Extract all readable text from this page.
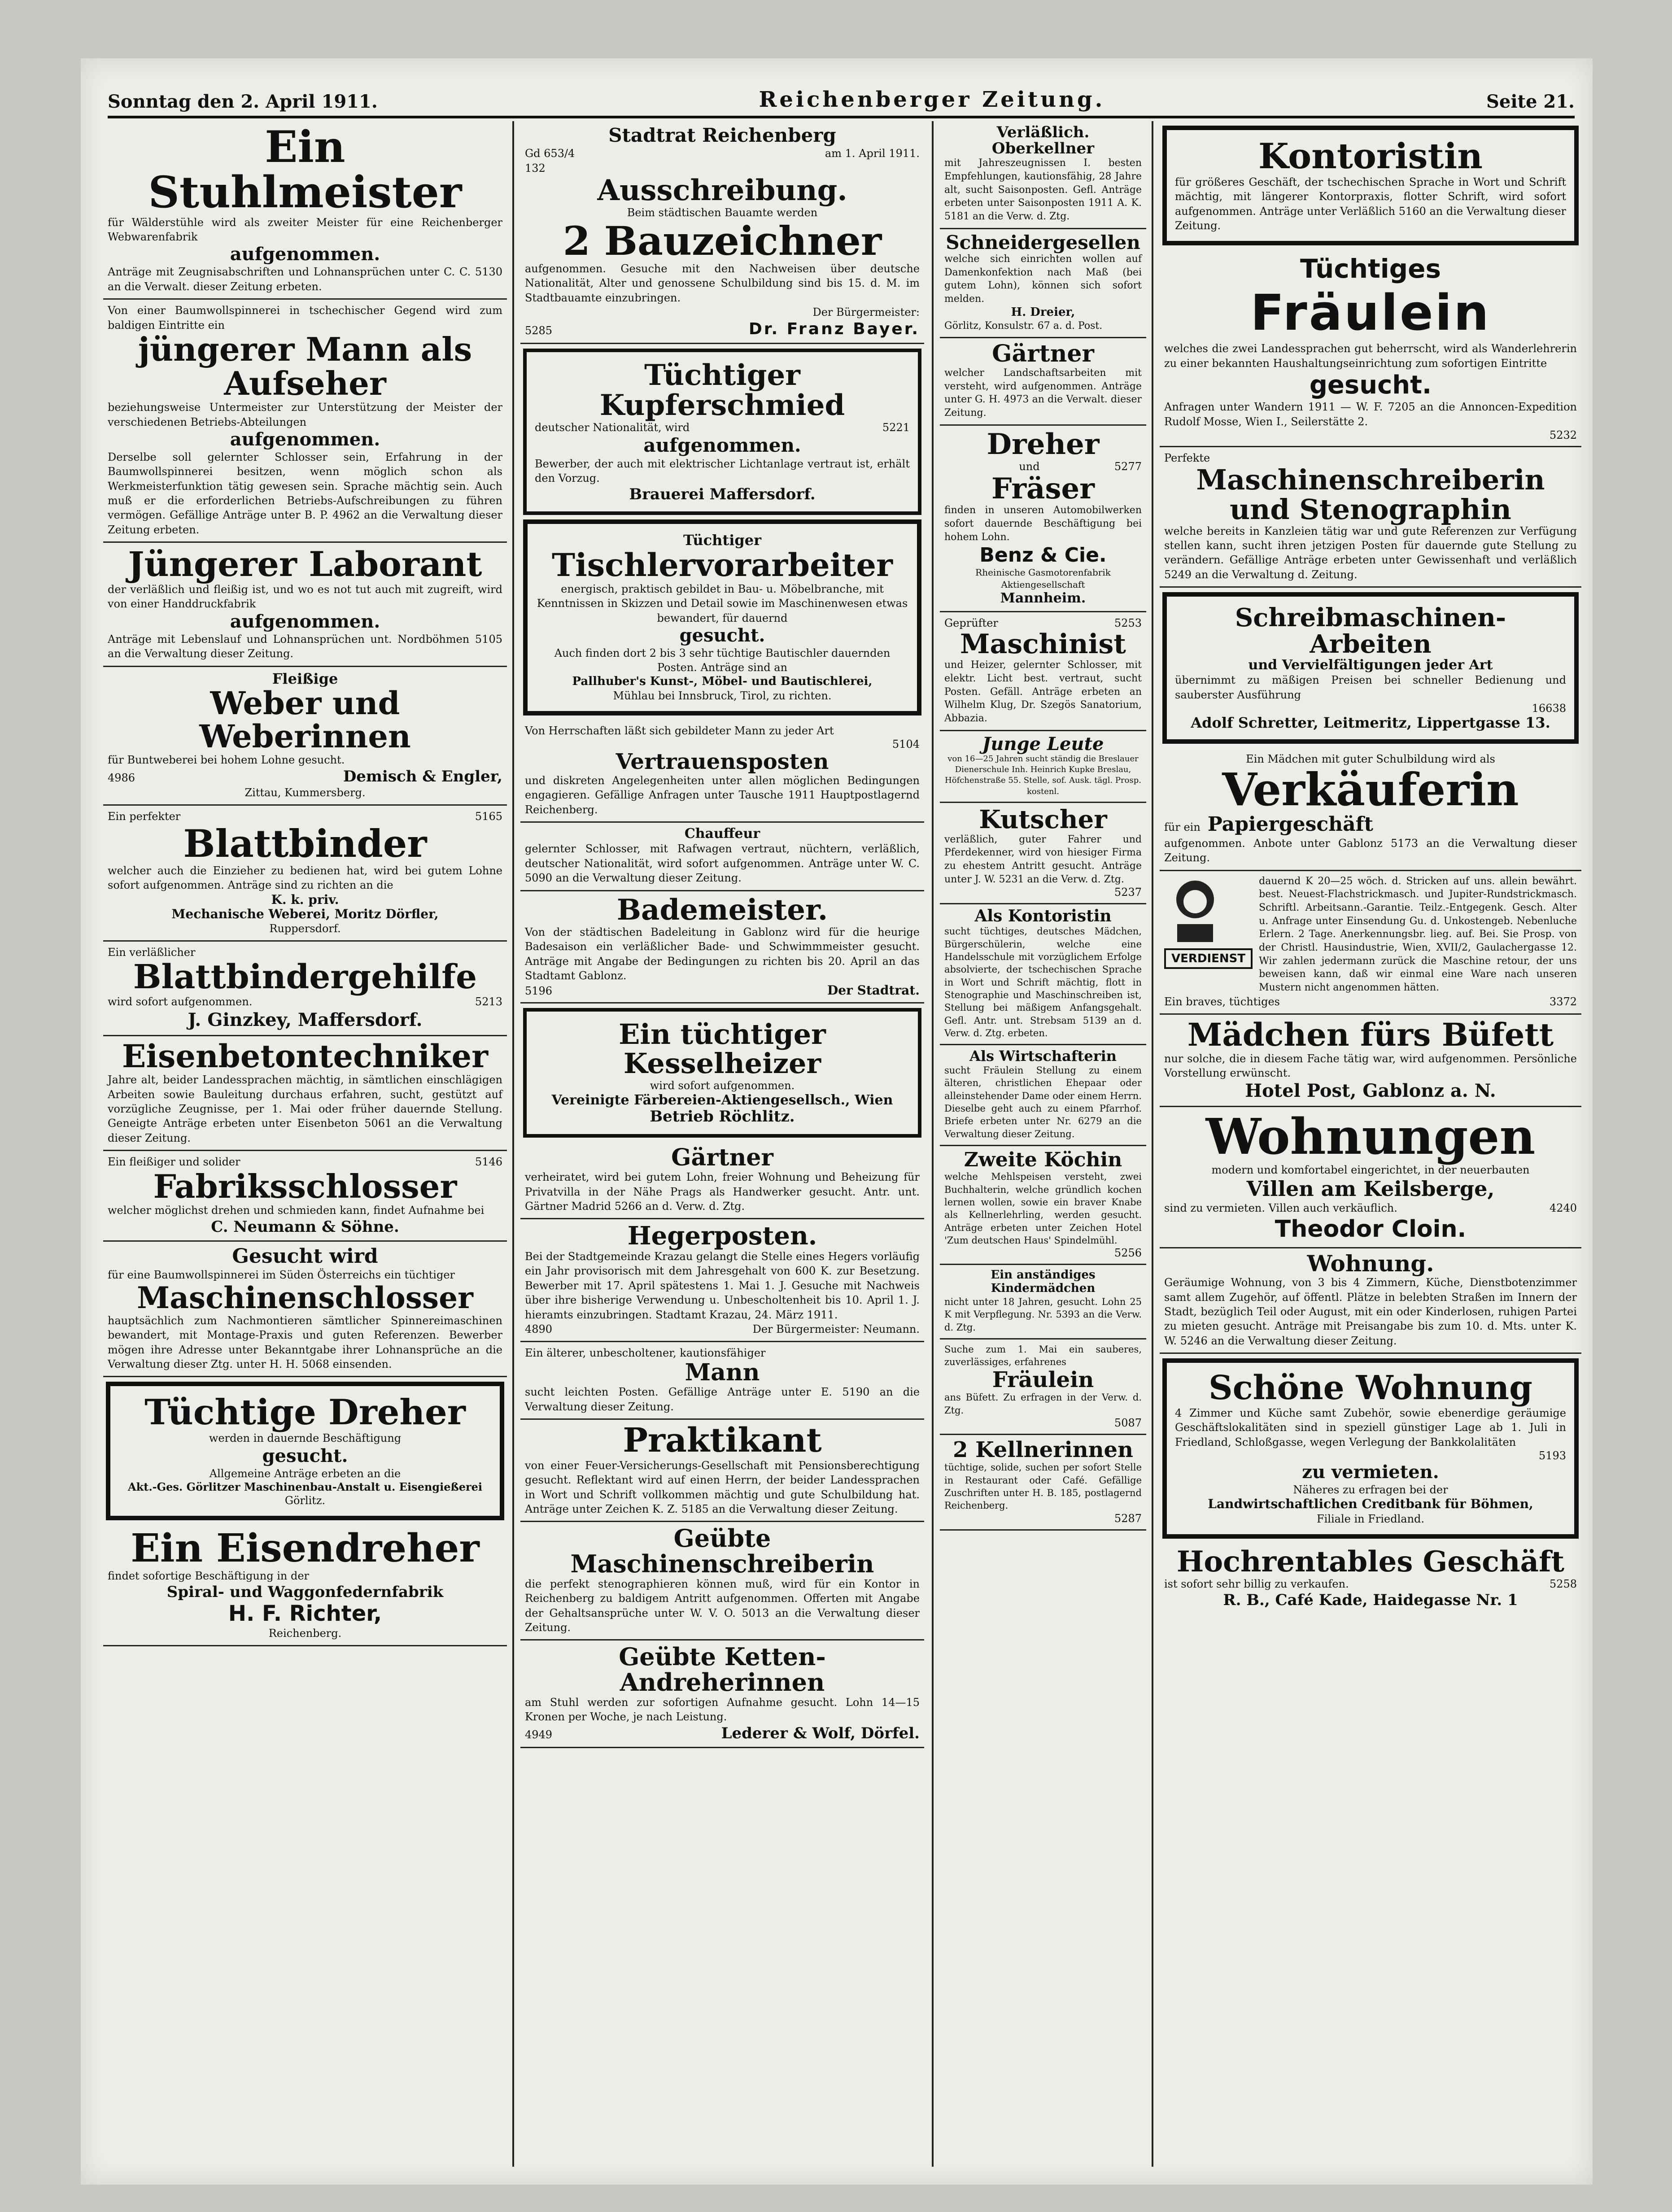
Sonntag den 2. April 1911.	Reichenberger Zeitung.	Seite 21.
Ein Stuhlmeister
für Wälderstühle wird als zweiter Meister für eine Reichenberger Webwarenfabrik
aufgenommen.
Anträge mit Zeugnisabschriften und Lohnansprüchen unter C. C. 5130 an die Verwalt. dieser Zeitung erbeten.
Von einer Baumwollspinnerei in tschechischer Gegend wird zum baldigen Eintritte ein
jüngerer Mann als Aufseher
beziehungsweise Untermeister zur Unterstützung der Meister der verschiedenen Betriebs-Abteilungen
aufgenommen.
Derselbe soll gelernter Schlosser sein, Erfahrung in der Baumwollspinnerei besitzen, wenn möglich schon als Werkmeisterfunktion tätig gewesen sein. Sprache mächtig sein. Auch muß er die erforderlichen Betriebs-Aufschreibungen zu führen vermögen. Gefällige Anträge unter B. P. 4962 an die Verwaltung dieser Zeitung erbeten.
Jüngerer Laborant
der verläßlich und fleißig ist, und wo es not tut auch mit zugreift, wird von einer Handdruckfabrik
aufgenommen.
Anträge mit Lebenslauf und Lohnansprüchen unt. Nordböhmen 5105 an die Verwaltung dieser Zeitung.
Fleißige
Weber und Weberinnen
für Buntweberei bei hohem Lohne gesucht.
4986	Demisch & Engler,
Zittau, Kummersberg.
Ein perfekter	5165
Blattbinder
welcher auch die Einzieher zu bedienen hat, wird bei gutem Lohne sofort aufgenommen. Anträge sind zu richten an die
K. k. priv.
Mechanische Weberei, Moritz Dörfler,
Ruppersdorf.
Ein verläßlicher
Blattbindergehilfe
wird sofort aufgenommen.	5213
J. Ginzkey, Maffersdorf.
Eisenbetontechniker
Jahre alt, beider Landessprachen mächtig, in sämtlichen einschlägigen Arbeiten sowie Bauleitung durchaus erfahren, sucht, gestützt auf vorzügliche Zeugnisse, per 1. Mai oder früher dauernde Stellung. Geneigte Anträge erbeten unter Eisenbeton 5061 an die Verwaltung dieser Zeitung.
Ein fleißiger und solider	5146
Fabriksschlosser
welcher möglichst drehen und schmieden kann, findet Aufnahme bei
C. Neumann & Söhne.
Gesucht wird
für eine Baumwollspinnerei im Süden Österreichs ein tüchtiger
Maschinenschlosser
hauptsächlich zum Nachmontieren sämtlicher Spinnereimaschinen bewandert, mit Montage-Praxis und guten Referenzen. Bewerber mögen ihre Adresse unter Bekanntgabe ihrer Lohnansprüche an die Verwaltung dieser Ztg. unter H. H. 5068 einsenden.
Tüchtige Dreher
werden in dauernde Beschäftigung
gesucht.
Allgemeine Anträge erbeten an die
Akt.-Ges. Görlitzer Maschinenbau-Anstalt u. Eisengießerei
Görlitz.
Ein Eisendreher
findet sofortige Beschäftigung in der
Spiral- und Waggonfedernfabrik
H. F. Richter,
Reichenberg.
Stadtrat Reichenberg
Gd 653/4	am 1. April 1911.
132
Ausschreibung.
Beim städtischen Bauamte werden
2 Bauzeichner
aufgenommen. Gesuche mit den Nachweisen über deutsche Nationalität, Alter und genossene Schulbildung sind bis 15. d. M. im Stadtbauamte einzubringen.
Der Bürgermeister:
5285	Dr. Franz Bayer.
Tüchtiger Kupferschmied
deutscher Nationalität, wird	5221
aufgenommen.
Bewerber, der auch mit elektrischer Lichtanlage vertraut ist, erhält den Vorzug.
Brauerei Maffersdorf.
Tüchtiger
Tischlervorarbeiter
energisch, praktisch gebildet in Bau- u. Möbelbranche, mit Kenntnissen in Skizzen und Detail sowie im Maschinenwesen etwas bewandert, für dauernd
gesucht.
Auch finden dort 2 bis 3 sehr tüchtige Bautischler dauernden Posten. Anträge sind an
Pallhuber's Kunst-, Möbel- und Bautischlerei,
Mühlau bei Innsbruck, Tirol, zu richten.
Von Herrschaften läßt sich gebildeter Mann zu jeder Art
5104
Vertrauensposten
und diskreten Angelegenheiten unter allen möglichen Bedingungen engagieren. Gefällige Anfragen unter Tausche 1911 Hauptpostlagernd Reichenberg.
Chauffeur
gelernter Schlosser, mit Rafwagen vertraut, nüchtern, verläßlich, deutscher Nationalität, wird sofort aufgenommen. Anträge unter W. C. 5090 an die Verwaltung dieser Zeitung.
Bademeister.
Von der städtischen Badeleitung in Gablonz wird für die heurige Badesaison ein verläßlicher Bade- und Schwimmmeister gesucht. Anträge mit Angabe der Bedingungen zu richten bis 20. April an das Stadtamt Gablonz.
5196	Der Stadtrat.
Ein tüchtiger Kesselheizer
wird sofort aufgenommen.
Vereinigte Färbereien-Aktiengesellsch., Wien
Betrieb Röchlitz.
Gärtner
verheiratet, wird bei gutem Lohn, freier Wohnung und Beheizung für Privatvilla in der Nähe Prags als Handwerker gesucht. Antr. unt. Gärtner Madrid 5266 an d. Verw. d. Ztg.
Hegerposten.
Bei der Stadtgemeinde Krazau gelangt die Stelle eines Hegers vorläufig ein Jahr provisorisch mit dem Jahresgehalt von 600 K. zur Besetzung. Bewerber mit 17. April spätestens 1. Mai 1. J. Gesuche mit Nachweis über ihre bisherige Verwendung u. Unbescholtenheit bis 10. April 1. J. hieramts einzubringen. Stadtamt Krazau, 24. März 1911.
4890	Der Bürgermeister: Neumann.
Ein älterer, unbescholtener, kautionsfähiger
Mann
sucht leichten Posten. Gefällige Anträge unter E. 5190 an die Verwaltung dieser Zeitung.
Praktikant
von einer Feuer-Versicherungs-Gesellschaft mit Pensionsberechtigung gesucht. Reflektant wird auf einen Herrn, der beider Landessprachen in Wort und Schrift vollkommen mächtig und gute Schulbildung hat. Anträge unter Zeichen K. Z. 5185 an die Verwaltung dieser Zeitung.
Geübte Maschinenschreiberin
die perfekt stenographieren können muß, wird für ein Kontor in Reichenberg zu baldigem Antritt aufgenommen. Offerten mit Angabe der Gehaltsansprüche unter W. V. O. 5013 an die Verwaltung dieser Zeitung.
Geübte Ketten-Andreherinnen
am Stuhl werden zur sofortigen Aufnahme gesucht. Lohn 14—15 Kronen per Woche, je nach Leistung.
4949	Lederer & Wolf, Dörfel.
Verläßlich. Oberkellner
mit Jahreszeugnissen I. besten Empfehlungen, kautionsfähig, 28 Jahre alt, sucht Saisonposten. Gefl. Anträge erbeten unter Saisonposten 1911 A. K. 5181 an die Verw. d. Ztg.
Schneidergesellen
welche sich einrichten wollen auf Damenkonfektion nach Maß (bei gutem Lohn), können sich sofort melden.
H. Dreier,
Görlitz, Konsulstr. 67 a. d. Post.
Gärtner
welcher Landschaftsarbeiten mit versteht, wird aufgenommen. Anträge unter G. H. 4973 an die Verwalt. dieser Zeitung.
Dreher
und	5277
Fräser
finden in unseren Automobilwerken sofort dauernde Beschäftigung bei hohem Lohn.
Benz & Cie.
Rheinische Gasmotorenfabrik Aktiengesellschaft
Mannheim.
Geprüfter	5253
Maschinist
und Heizer, gelernter Schlosser, mit elektr. Licht best. vertraut, sucht Posten. Gefäll. Anträge erbeten an Wilhelm Klug, Dr. Szegös Sanatorium, Abbazia.
Junge Leute
von 16—25 Jahren sucht ständig die Breslauer Dienerschule Inh. Heinrich Kupke Breslau, Höfchenstraße 55. Stelle, sof. Ausk. tägl. Prosp. kostenl.
Kutscher
verläßlich, guter Fahrer und Pferdekenner, wird von hiesiger Firma zu ehestem Antritt gesucht. Anträge unter J. W. 5231 an die Verw. d. Ztg.
5237
Als Kontoristin
sucht tüchtiges, deutsches Mädchen, Bürgerschülerin, welche eine Handelsschule mit vorzüglichem Erfolge absolvierte, der tschechischen Sprache in Wort und Schrift mächtig, flott in Stenographie und Maschinschreiben ist, Stellung bei mäßigem Anfangsgehalt. Gefl. Antr. unt. Strebsam 5139 an d. Verw. d. Ztg. erbeten.
Als Wirtschafterin
sucht Fräulein Stellung zu einem älteren, christlichen Ehepaar oder alleinstehender Dame oder einem Herrn. Dieselbe geht auch zu einem Pfarrhof. Briefe erbeten unter Nr. 6279 an die Verwaltung dieser Zeitung.
Zweite Köchin
welche Mehlspeisen versteht, zwei Buchhalterin, welche gründlich kochen lernen wollen, sowie ein braver Knabe als Kellnerlehrling, werden gesucht. Anträge erbeten unter Zeichen Hotel 'Zum deutschen Haus' Spindelmühl.
5256
Ein anständiges Kindermädchen
nicht unter 18 Jahren, gesucht. Lohn 25 K mit Verpflegung. Nr. 5393 an die Verw. d. Ztg.
Suche zum 1. Mai ein sauberes, zuverlässiges, erfahrenes
Fräulein
ans Büfett. Zu erfragen in der Verw. d. Ztg.
5087
2 Kellnerinnen
tüchtige, solide, suchen per sofort Stelle in Restaurant oder Café. Gefällige Zuschriften unter H. B. 185, postlagernd Reichenberg.
5287
Kontoristin
für größeres Geschäft, der tschechischen Sprache in Wort und Schrift mächtig, mit längerer Kontorpraxis, flotter Schrift, wird sofort aufgenommen. Anträge unter Verläßlich 5160 an die Verwaltung dieser Zeitung.
Tüchtiges
Fräulein
welches die zwei Landessprachen gut beherrscht, wird als Wanderlehrerin zu einer bekannten Haushaltungseinrichtung zum sofortigen Eintritte
gesucht.
Anfragen unter Wandern 1911 — W. F. 7205 an die Annoncen-Expedition Rudolf Mosse, Wien I., Seilerstätte 2.
5232
Perfekte
Maschinenschreiberin und Stenographin
welche bereits in Kanzleien tätig war und gute Referenzen zur Verfügung stellen kann, sucht ihren jetzigen Posten für dauernde gute Stellung zu verändern. Gefällige Anträge erbeten unter Gewissenhaft und verläßlich 5249 an die Verwaltung d. Zeitung.
Schreibmaschinen-Arbeiten
und Vervielfältigungen jeder Art
übernimmt zu mäßigen Preisen bei schneller Bedienung und sauberster Ausführung
16638
Adolf Schretter, Leitmeritz, Lippertgasse 13.
Ein Mädchen mit guter Schulbildung wird als
Verkäuferin
für ein Papiergeschäft
aufgenommen. Anbote unter Gablonz 5173 an die Verwaltung dieser Zeitung.
VERDIENST
dauernd K 20—25 wöch. d. Stricken auf uns. allein bewährt. best. Neuest-Flachstrickmasch. und Jupiter-Rundstrickmasch. Schriftl. Arbeitsann.-Garantie. Teilz.-Entgegenk. Gesch. Alter u. Anfrage unter Einsendung Gu. d. Unkostengeb. Nebenluche Erlern. 2 Tage. Anerkennungsbr. lieg. auf. Bei. Sie Prosp. von der Christl. Hausindustrie, Wien, XVII/2, Gaulachergasse 12. Wir zahlen jedermann zurück die Maschine retour, der uns beweisen kann, daß wir einmal eine Ware nach unseren Mustern nicht angenommen hätten.
Ein braves, tüchtiges	3372
Mädchen fürs Büfett
nur solche, die in diesem Fache tätig war, wird aufgenommen. Persönliche Vorstellung erwünscht.
Hotel Post, Gablonz a. N.
Wohnungen
modern und komfortabel eingerichtet, in der neuerbauten
Villen am Keilsberge,
sind zu vermieten. Villen auch verkäuflich.	4240
Theodor Cloin.
Wohnung.
Geräumige Wohnung, von 3 bis 4 Zimmern, Küche, Dienstbotenzimmer samt allem Zugehör, auf öffentl. Plätze in belebten Straßen im Innern der Stadt, bezüglich Teil oder August, mit ein oder Kinderlosen, ruhigen Partei zu mieten gesucht. Anträge mit Preisangabe bis zum 10. d. Mts. unter K. W. 5246 an die Verwaltung dieser Zeitung.
Schöne Wohnung
4 Zimmer und Küche samt Zubehör, sowie ebenerdige geräumige Geschäftslokalitäten sind in speziell günstiger Lage ab 1. Juli in Friedland, Schloßgasse, wegen Verlegung der Bankkolalitäten
5193
zu vermieten.
Näheres zu erfragen bei der
Landwirtschaftlichen Creditbank für Böhmen,
Filiale in Friedland.
Hochrentables Geschäft
ist sofort sehr billig zu verkaufen.	5258
R. B., Café Kade, Haidegasse Nr. 1
